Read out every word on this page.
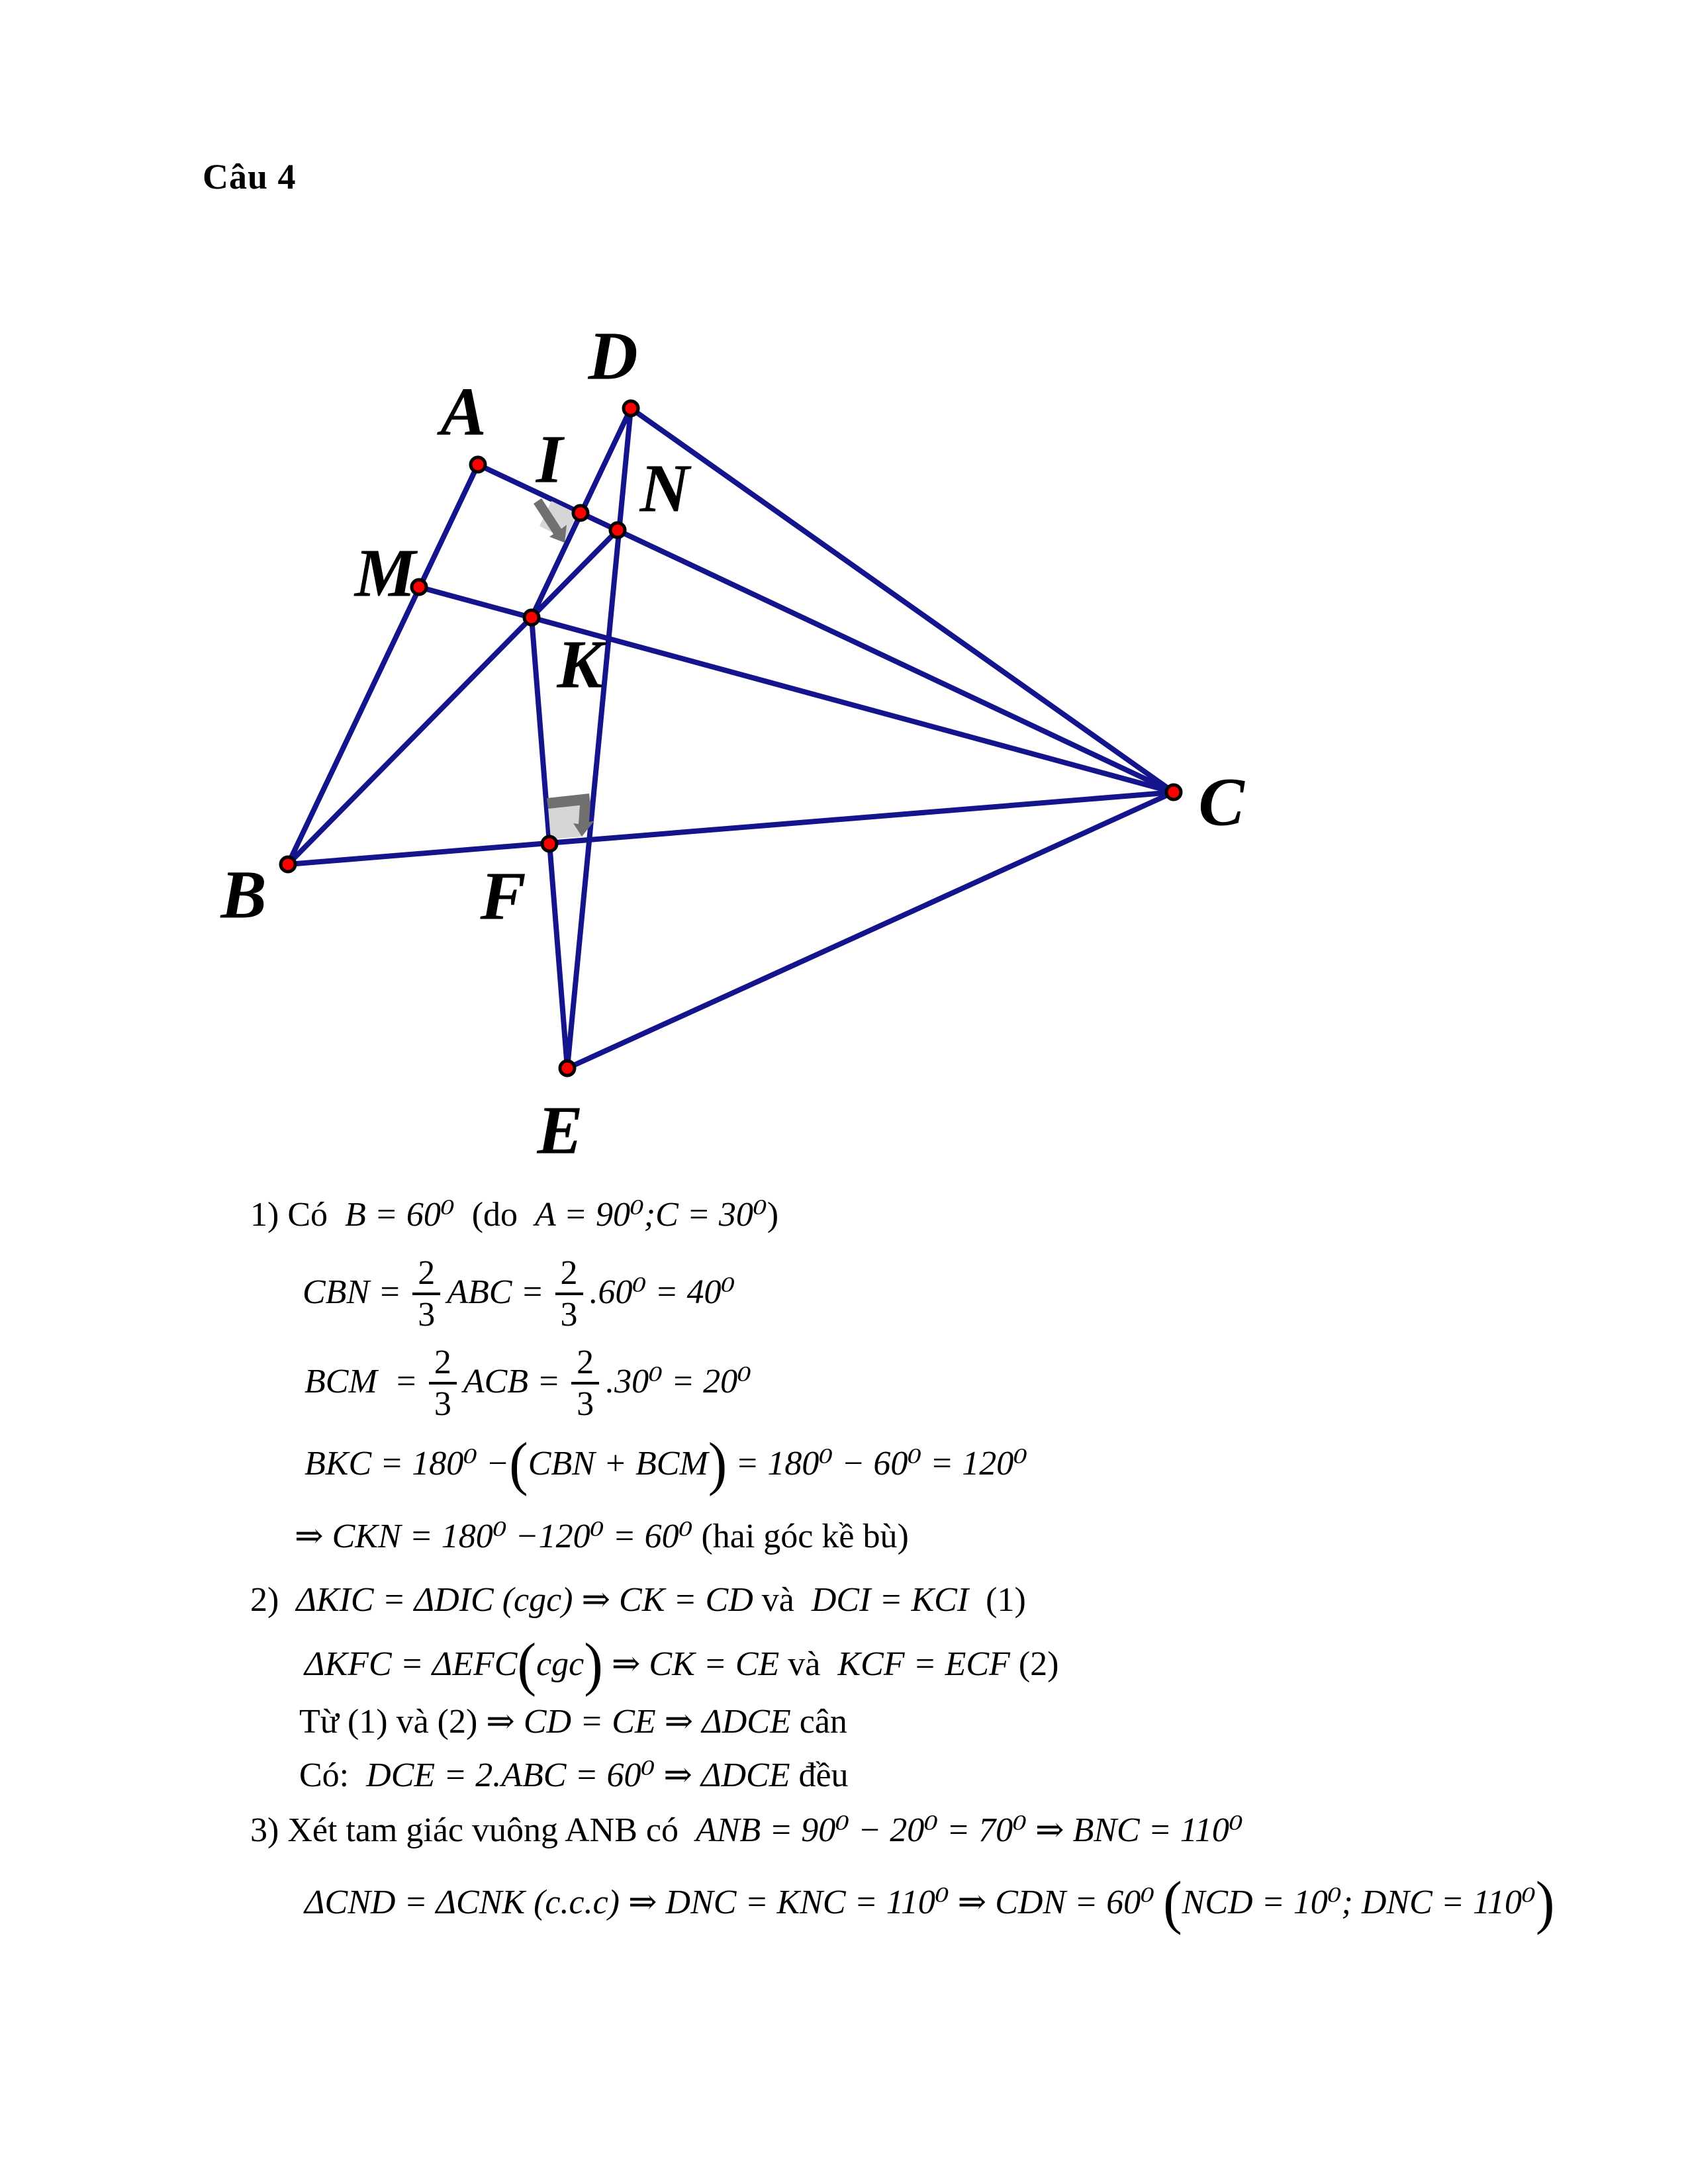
Câu 4
A
B
C
D
E
F
I
K
M
N
1) Có B = 60⁰ (do A = 90⁰;C = 30⁰ )
CBN = $\frac{2}{3}$ ABC = $\frac{2}{3} .60^0 = 40^0$
BCM  = $\frac{2}{3}$ ACB = $\frac{2}{3} .30^0 = 20^0$
BKC = 180⁰ − ( CBN + BCM ) = 180⁰ − 60⁰ = 120⁰
⇒ CKN = 180⁰ −120⁰ = 60⁰ (hai góc kề bù)
2) ΔKIC = ΔDIC (cgc) ⇒ CK = CD và DCI = KCI (1)
ΔKFC = ΔEFC ( cgc ) ⇒ CK = CE và KCF = ECF (2)
Từ (1) và (2) ⇒ CD = CE ⇒ ΔDCE cân
Có: DCE = 2.ABC = 60⁰ ⇒ ΔDCE đều
3) Xét tam giác vuông ANB có ANB = 90⁰ − 20⁰ = 70⁰ ⇒ BNC = 110⁰
ΔCND = ΔCNK (c.c.c) ⇒ DNC = KNC = 110⁰ ⇒ CDN = 60⁰ ( NCD = 10⁰; DNC = 110⁰ )
